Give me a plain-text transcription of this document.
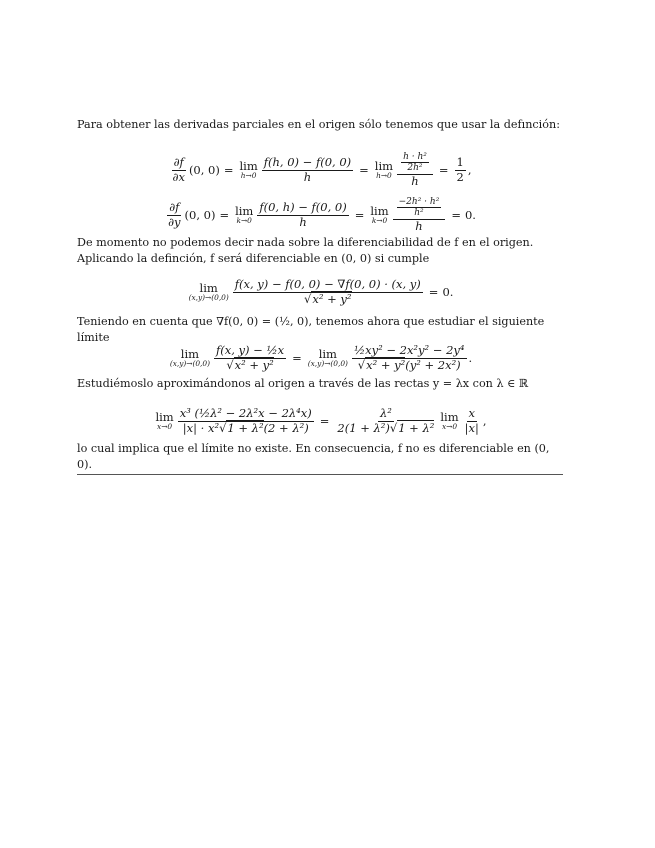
Para obtener las derivadas parciales en el origen sólo tenemos que usar la defınción:

$\frac{\partial f}{\partial x} (0$, 0) = lim
$h\to 0 \frac{f(h, 0) - f(0, 0)}{h} = \lim$
$h\to 0 \frac{\frac{\text{h · h²}}{\text{2h²}}}{h} = \frac{1}{2}$ ,
$\frac{\partial f}{\partial y} (0$, 0) = lim
$k\to 0 \frac{f(0, h) - f(0, 0)}{h} = \lim$
$k\to 0 \frac{\frac{\text{−2h² · h²}}{\text{h²}}}{h} = 0$.

De momento no podemos decir nada sobre la diferenciabilidad de f en el origen. Aplicando la definción, f será diferenciable en (0, 0) si cumple

lim
$(x,y)\to(0,0) \frac{f(x, y) - f(0, 0) - \nabla f(0, 0) \cdot (x, y)}{\text{√x² + y²}} = 0$.

Teniendo en cuenta que ∇f(0, 0) = (½, 0), tenemos ahora que estudiar el siguiente límite

lim
$(x,y)\to(0,0) \frac{\text{f(x, y) − ½x}}{\text{√x² + y²}} = \lim$
$(x,y)\to(0,0) \frac{\text{½xy² − 2x²y² − 2y⁴}}{\text{√x² + y²(y² + 2x²)}}$ .

Estudiémoslo aproximándonos al origen a través de las rectas y = λx con λ ∈ ℝ

lim
$x\to 0 \frac{\text{x³ (½λ² − 2λ²x − 2λ⁴x)}}{\text{|x| · x²√1 + λ²(2 + λ²)}} = \frac{\text{λ²}}{\text{2(1 + λ²)√1 + λ²}}$ lim
$x\to 0 \frac{x}{|x|}$ ,

lo cual implica que el límite no existe. En consecuencia, f no es diferenciable en (0, 0).
